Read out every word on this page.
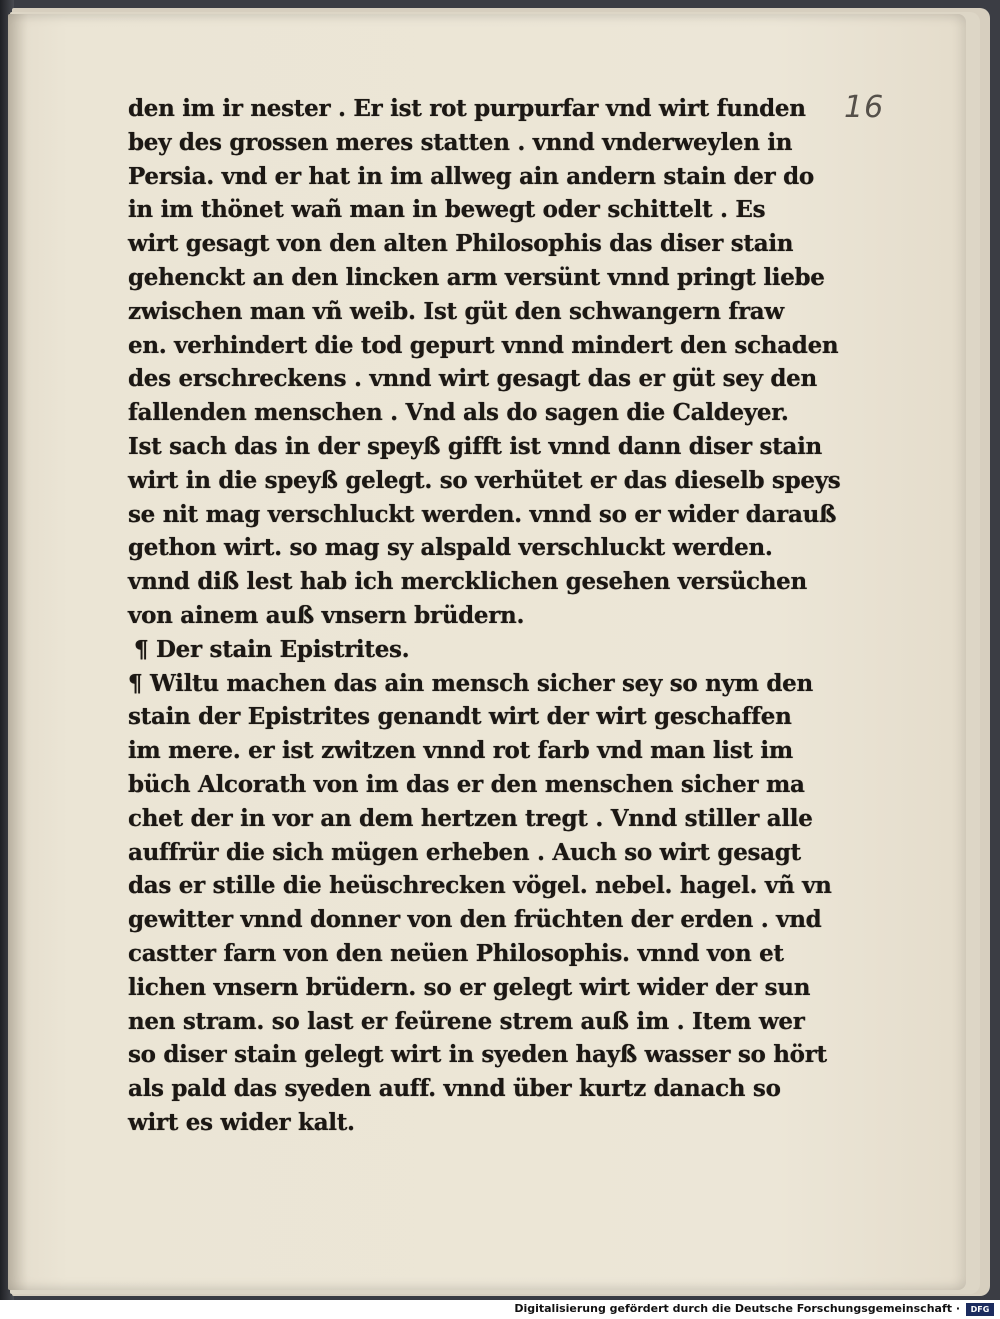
16
den im ir nester . Er ist rot purpurfar vnd wirt funden
bey des grossen meres statten . vnnd vnderweylen in
Persia. vnd er hat in im allweg ain andern stain der do
in im thönet wañ man in bewegt oder schittelt . Es
wirt gesagt von den alten Philosophis das diser stain
gehenckt an den lincken arm versünt vnnd pringt liebe
zwischen man vñ weib. Ist güt den schwangern fraw
en. verhindert die tod gepurt vnnd mindert den schaden
des erschreckens . vnnd wirt gesagt das er güt sey den
fallenden menschen . Vnd als do sagen die Caldeyer.
Ist sach das in der speyß gifft ist vnnd dann diser stain
wirt in die speyß gelegt. so verhütet er das dieselb speys
se nit mag verschluckt werden. vnnd so er wider darauß
gethon wirt. so mag sy alspald verschluckt werden.
vnnd diß lest hab ich mercklichen gesehen versüchen
von ainem auß vnsern brüdern.
¶ Der stain Epistrites.
¶ Wiltu machen das ain mensch sicher sey so nym den
stain der Epistrites genandt wirt der wirt geschaffen
im mere. er ist zwitzen vnnd rot farb vnd man list im
büch Alcorath von im das er den menschen sicher ma
chet der in vor an dem hertzen tregt . Vnnd stiller alle
auffrür die sich mügen erheben . Auch so wirt gesagt
das er stille die heüschrecken vögel. nebel. hagel. vñ vn
gewitter vnnd donner von den früchten der erden . vnd
castter farn von den neüen Philosophis. vnnd von et
lichen vnsern brüdern. so er gelegt wirt wider der sun
nen stram. so last er feürene strem auß im . Item wer
so diser stain gelegt wirt in syeden hayß wasser so hört
als pald das syeden auff. vnnd über kurtz danach so
wirt es wider kalt.
Digitalisierung gefördert durch die Deutsche Forschungsgemeinschaft ·	DFG
